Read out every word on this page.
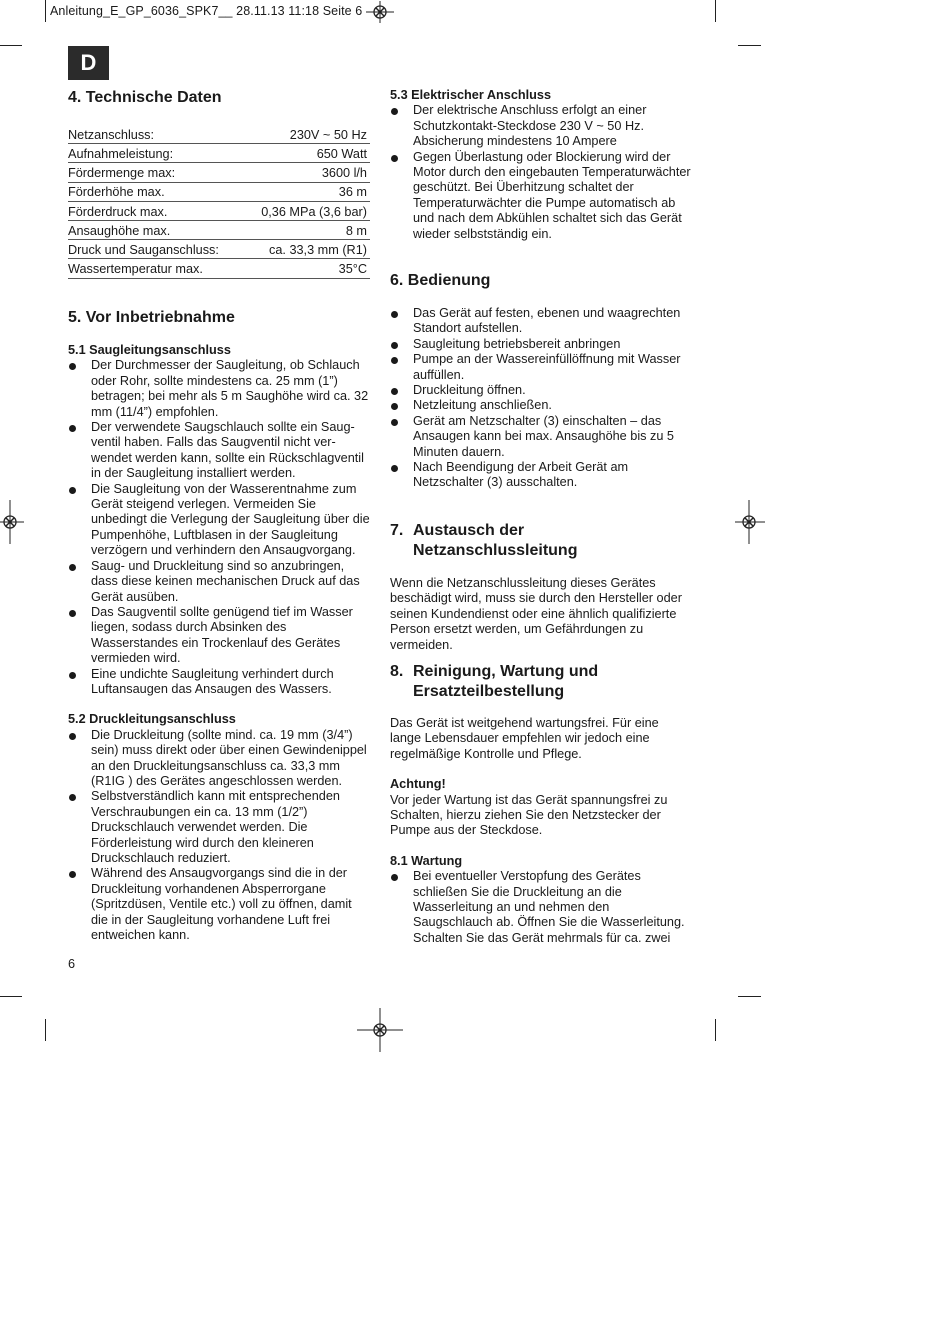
Anleitung_E_GP_6036_SPK7__ 28.11.13 11:18 Seite 6
D
4. Technische Daten
Netzanschluss:	230V ~ 50 Hz
Aufnahmeleistung:	650 Watt
Fördermenge max:	3600 l/h
Förderhöhe max.	36 m
Förderdruck max.	0,36 MPa (3,6 bar)
Ansaughöhe max.	8 m
Druck und Sauganschluss:	ca. 33,3 mm (R1)
Wassertemperatur max.	35°C
5. Vor Inbetriebnahme
5.1 Saugleitungsanschluss
Der Durchmesser der Saugleitung, ob Schlauch oder Rohr, sollte mindestens ca. 25 mm (1”) betragen; bei mehr als 5 m Saughöhe wird ca. 32 mm (11/4”) empfohlen.
Der verwendete Saugschlauch sollte ein Saug-ventil haben. Falls das Saugventil nicht ver-wendet werden kann, sollte ein Rückschlagventil in der Saugleitung installiert werden.
Die Saugleitung von der Wasserentnahme zum Gerät steigend verlegen. Vermeiden Sie unbedingt die Verlegung der Saugleitung über die Pumpenhöhe, Luftblasen in der Saugleitung verzögern und verhindern den Ansaugvorgang.
Saug- und Druckleitung sind so anzubringen, dass diese keinen mechanischen Druck auf das Gerät ausüben.
Das Saugventil sollte genügend tief im Wasser liegen, sodass durch Absinken des Wasserstandes ein Trockenlauf des Gerätes vermieden wird.
Eine undichte Saugleitung verhindert durch Luftansaugen das Ansaugen des Wassers.
5.2 Druckleitungsanschluss
Die Druckleitung (sollte mind. ca. 19 mm (3/4”) sein) muss direkt oder über einen Gewindenippel an den Druckleitungsanschluss ca. 33,3 mm (R1IG ) des Gerätes angeschlossen werden.
Selbstverständlich kann mit entsprechenden Verschraubungen ein ca. 13 mm (1/2”) Druckschlauch verwendet werden. Die Förderleistung wird durch den kleineren Druckschlauch reduziert.
Während des Ansaugvorgangs sind die in der Druckleitung vorhandenen Absperrorgane (Spritzdüsen, Ventile etc.) voll zu öffnen, damit die in der Saugleitung vorhandene Luft frei entweichen kann.
6
5.3 Elektrischer Anschluss
Der elektrische Anschluss erfolgt an einer Schutzkontakt-Steckdose 230 V ~ 50 Hz. Absicherung mindestens 10 Ampere
Gegen Überlastung oder Blockierung wird der Motor durch den eingebauten Temperaturwächter geschützt. Bei Überhitzung schaltet der Temperaturwächter die Pumpe automatisch ab und nach dem Abkühlen schaltet sich das Gerät wieder selbstständig ein.
6. Bedienung
Das Gerät auf festen, ebenen und waagrechten Standort aufstellen.
Saugleitung betriebsbereit anbringen
Pumpe an der Wassereinfüllöffnung mit Wasser auffüllen.
Druckleitung öffnen.
Netzleitung anschließen.
Gerät am Netzschalter (3) einschalten – das Ansaugen kann bei max. Ansaughöhe bis zu 5 Minuten dauern.
Nach Beendigung der Arbeit Gerät am Netzschalter (3) ausschalten.
7. Austausch der Netzanschlussleitung

Wenn die Netzanschlussleitung dieses Gerätes beschädigt wird, muss sie durch den Hersteller oder seinen Kundendienst oder eine ähnlich qualifizierte Person ersetzt werden, um Gefährdungen zu vermeiden.

8. Reinigung, Wartung und
Ersatzteilbestellung

Das Gerät ist weitgehend wartungsfrei. Für eine lange Lebensdauer empfehlen wir jedoch eine regelmäßige Kontrolle und Pflege.

Achtung!

Vor jeder Wartung ist das Gerät spannungsfrei zu Schalten, hierzu ziehen Sie den Netzstecker der Pumpe aus der Steckdose.

8.1 Wartung
Bei eventueller Verstopfung des Gerätes schließen Sie die Druckleitung an die Wasserleitung an und nehmen den Saugschlauch ab. Öffnen Sie die Wasserleitung. Schalten Sie das Gerät mehrmals für ca. zwei
